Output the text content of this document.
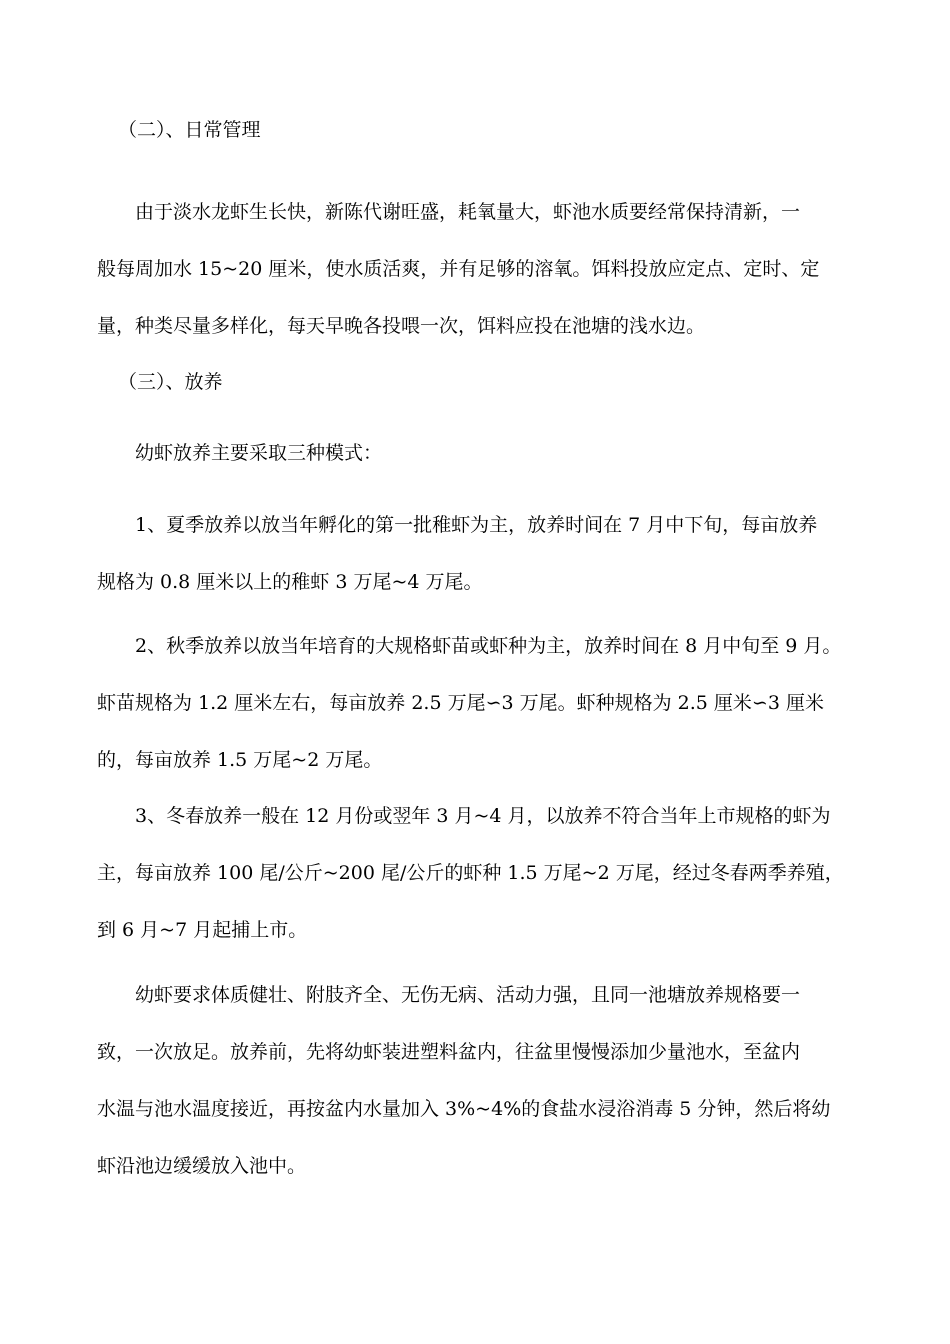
（二）、日常管理

由于淡水龙虾生长快，新陈代谢旺盛，耗氧量大，虾池水质要经常保持清新，一
般每周加水 15~20 厘米，使水质活爽，并有足够的溶氧。饵料投放应定点、定时、定
量，种类尽量多样化，每天早晚各投喂一次，饵料应投在池塘的浅水边。

（三）、放养

幼虾放养主要采取三种模式：

1、夏季放养以放当年孵化的第一批稚虾为主，放养时间在 7 月中下旬，每亩放养
规格为 0.8 厘米以上的稚虾 3 万尾~4 万尾。

2、秋季放养以放当年培育的大规格虾苗或虾种为主，放养时间在 8 月中旬至 9 月。
虾苗规格为 1.2 厘米左右，每亩放养 2.5 万尾∽3 万尾。虾种规格为 2.5 厘米∽3 厘米
的，每亩放养 1.5 万尾~2 万尾。

3、冬春放养一般在 12 月份或翌年 3 月~4 月，以放养不符合当年上市规格的虾为
主，每亩放养 100 尾/公斤~200 尾/公斤的虾种 1.5 万尾~2 万尾，经过冬春两季养殖，
到 6 月~7 月起捕上市。

幼虾要求体质健壮、附肢齐全、无伤无病、活动力强，且同一池塘放养规格要一
致，一次放足。放养前，先将幼虾装进塑料盆内，往盆里慢慢添加少量池水，至盆内
水温与池水温度接近，再按盆内水量加入 3%~4%的食盐水浸浴消毒 5 分钟，然后将幼
虾沿池边缓缓放入池中。
